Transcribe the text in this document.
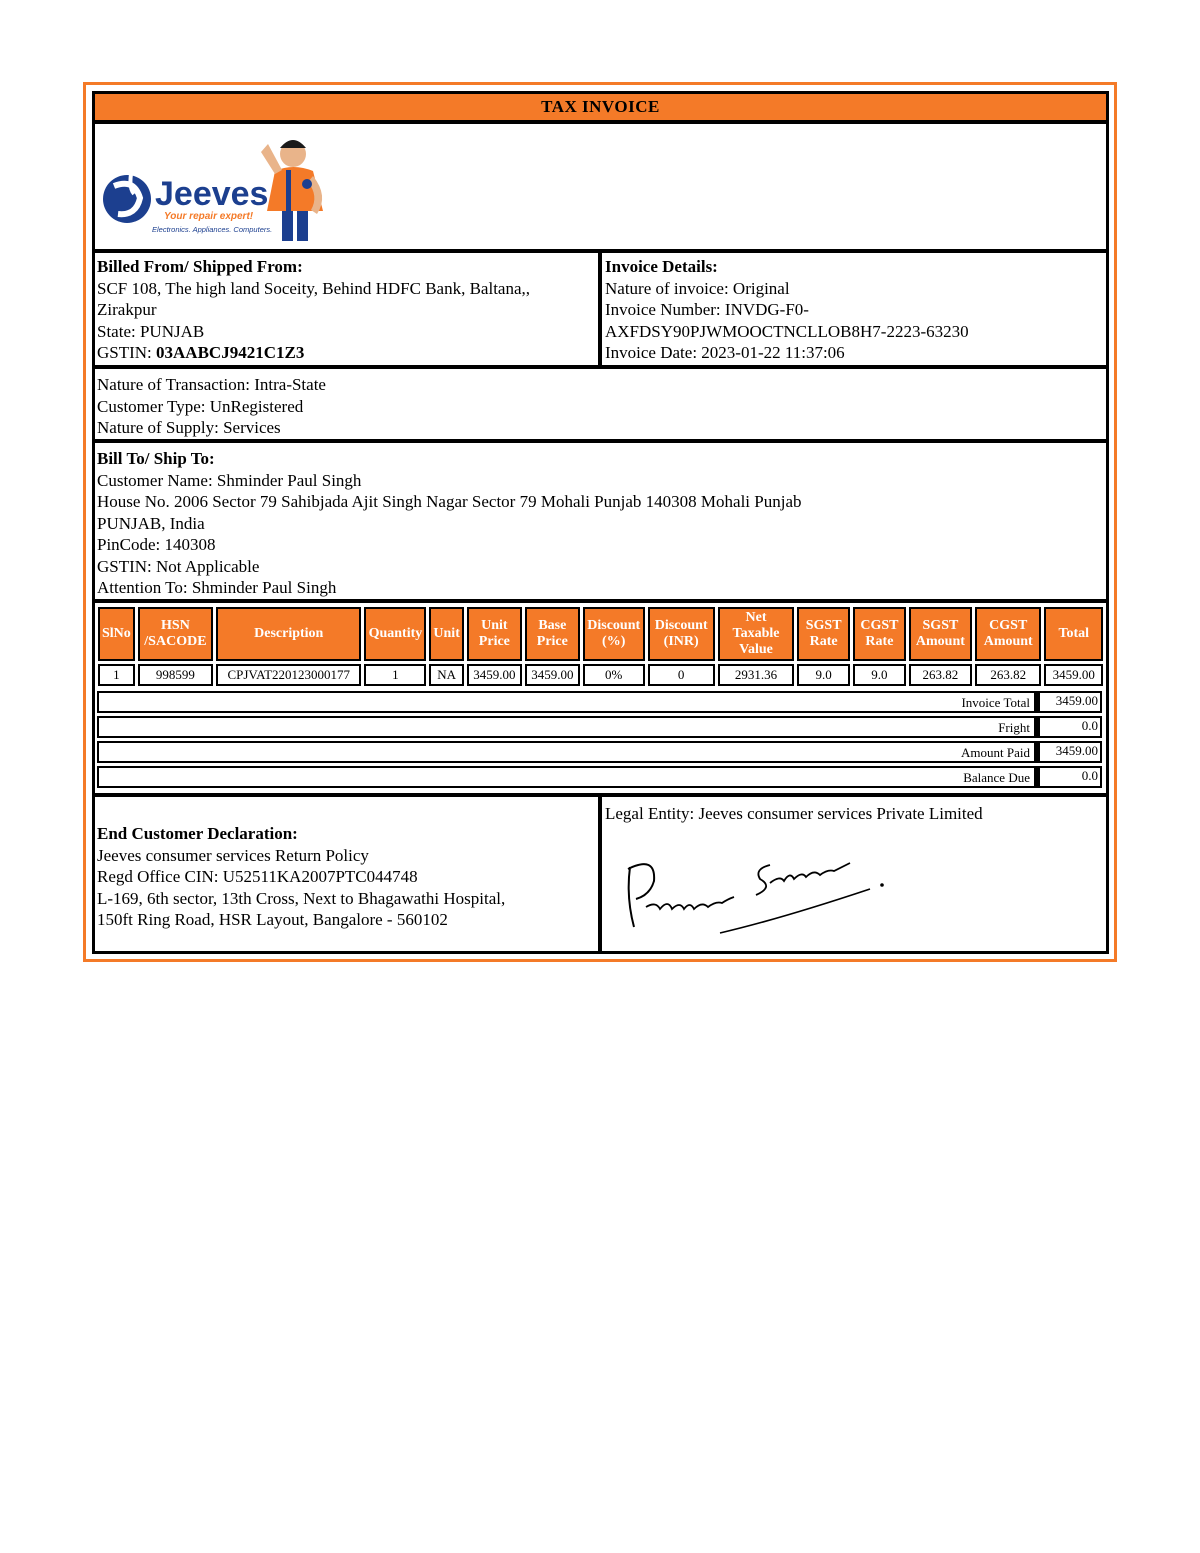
TAX INVOICE
Jeeves
Your repair expert!
Electronics. Appliances. Computers.
Billed From/ Shipped From:
SCF 108, The high land Soceity, Behind HDFC Bank, Baltana,,
Zirakpur
State: PUNJAB
GSTIN: 03AABCJ9421C1Z3
Invoice Details:
Nature of invoice: Original
Invoice Number: INVDG-F0-
AXFDSY90PJWMOOCTNCLLOB8H7-2223-63230
Invoice Date: 2023-01-22 11:37:06
Nature of Transaction: Intra-State
Customer Type: UnRegistered
Nature of Supply: Services
Bill To/ Ship To:
Customer Name: Shminder Paul Singh
House No. 2006 Sector 79 Sahibjada Ajit Singh Nagar Sector 79 Mohali Punjab 140308 Mohali Punjab
PUNJAB, India
PinCode: 140308
GSTIN: Not Applicable
Attention To: Shminder Paul Singh
SlNo	HSN /SACODE	Description	Quantity	Unit	Unit Price	Base Price	Discount (%)	Discount (INR)	Net Taxable Value	SGST Rate	CGST Rate	SGST Amount	CGST Amount	Total
1	998599	CPJVAT220123000177	1	NA	3459.00	3459.00	0%	0	2931.36	9.0	9.0	263.82	263.82	3459.00
Invoice Total	3459.00
Fright	0.0
Amount Paid	3459.00
Balance Due	0.0
End Customer Declaration:
Jeeves consumer services Return Policy
Regd Office CIN: U52511KA2007PTC044748
L-169, 6th sector, 13th Cross, Next to Bhagawathi Hospital,
150ft Ring Road, HSR Layout, Bangalore - 560102
Legal Entity: Jeeves consumer services Private Limited
